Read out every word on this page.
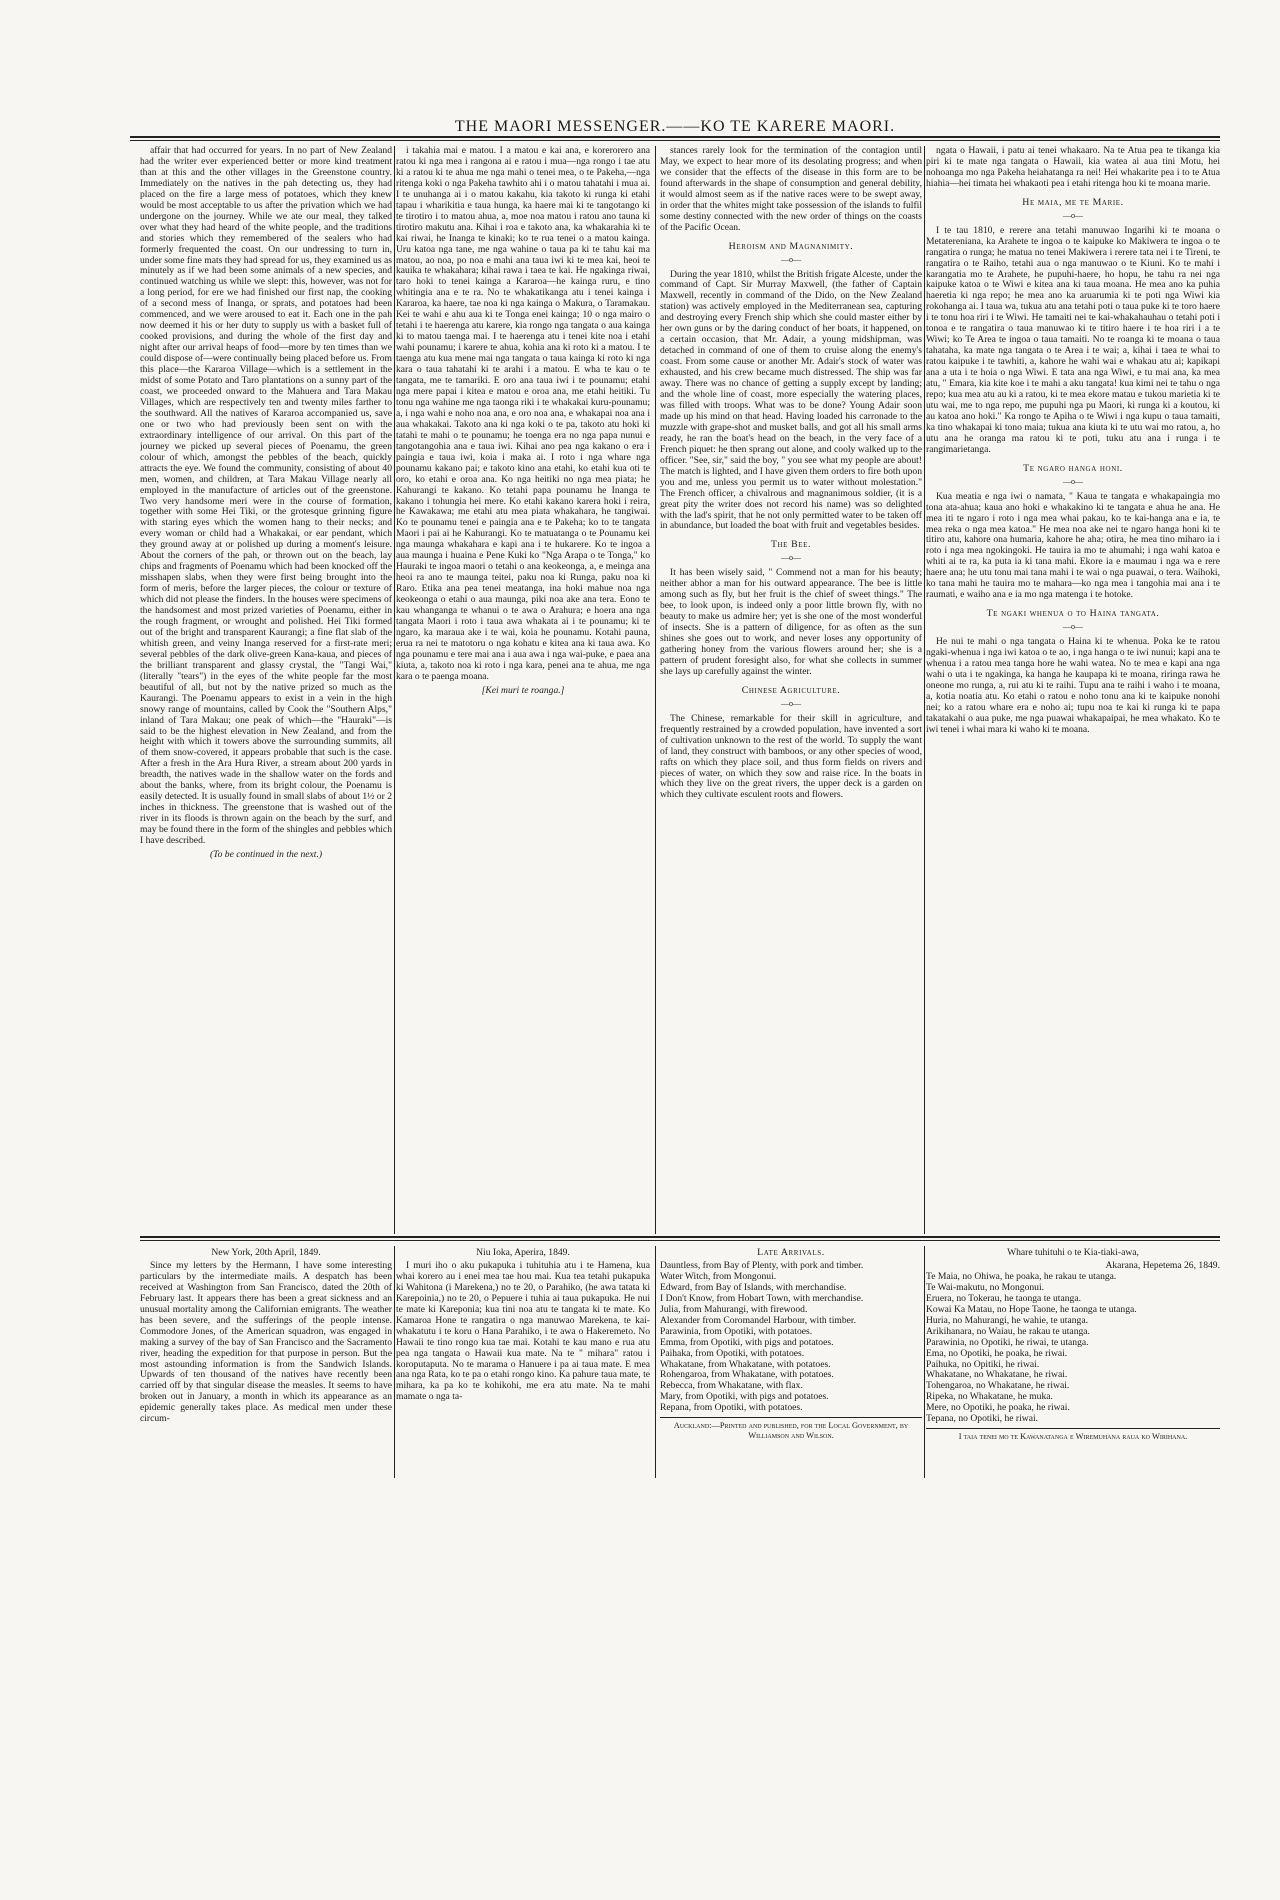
THE MAORI MESSENGER.——KO TE KARERE MAORI.

affair that had occurred for years. In no part of New Zealand had the writer ever experienced better or more kind treatment than at this and the other villages in the Greenstone country. Immediately on the natives in the pah detecting us, they had placed on the fire a large mess of potatoes, which they knew would be most acceptable to us after the privation which we had undergone on the journey. While we ate our meal, they talked over what they had heard of the white people, and the traditions and stories which they remembered of the sealers who had formerly frequented the coast. On our undressing to turn in, under some fine mats they had spread for us, they examined us as minutely as if we had been some animals of a new species, and continued watching us while we slept: this, however, was not for a long period, for ere we had finished our first nap, the cooking of a second mess of Inanga, or sprats, and potatoes had been commenced, and we were aroused to eat it. Each one in the pah now deemed it his or her duty to supply us with a basket full of cooked provisions, and during the whole of the first day and night after our arrival heaps of food—more by ten times than we could dispose of—were continually being placed before us. From this place—the Kararoa Village—which is a settlement in the midst of some Potato and Taro plantations on a sunny part of the coast, we proceeded onward to the Mahuera and Tara Makau Villages, which are respectively ten and twenty miles farther to the southward. All the natives of Kararoa accompanied us, save one or two who had previously been sent on with the extraordinary intelligence of our arrival. On this part of the journey we picked up several pieces of Poenamu, the green colour of which, amongst the pebbles of the beach, quickly attracts the eye. We found the community, consisting of about 40 men, women, and children, at Tara Makau Village nearly all employed in the manufacture of articles out of the greenstone. Two very handsome meri were in the course of formation, together with some Hei Tiki, or the grotesque grinning figure with staring eyes which the women hang to their necks; and every woman or child had a Whakakai, or ear pendant, which they ground away at or polished up during a moment's leisure. About the corners of the pah, or thrown out on the beach, lay chips and fragments of Poenamu which had been knocked off the misshapen slabs, when they were first being brought into the form of meris, before the larger pieces, the colour or texture of which did not please the finders. In the houses were specimens of the handsomest and most prized varieties of Poenamu, either in the rough fragment, or wrought and polished. Hei Tiki formed out of the bright and transparent Kaurangi; a fine flat slab of the whitish green, and veiny Inanga reserved for a first-rate meri; several pebbles of the dark olive-green Kana-kaua, and pieces of the brilliant transparent and glassy crystal, the "Tangi Wai," (literally "tears") in the eyes of the white people far the most beautiful of all, but not by the native prized so much as the Kaurangi. The Poenamu appears to exist in a vein in the high snowy range of mountains, called by Cook the "Southern Alps," inland of Tara Makau; one peak of which—the "Hauraki"—is said to be the highest elevation in New Zealand, and from the height with which it towers above the surrounding summits, all of them snow-covered, it appears probable that such is the case. After a fresh in the Ara Hura River, a stream about 200 yards in breadth, the natives wade in the shallow water on the fords and about the banks, where, from its bright colour, the Poenamu is easily detected. It is usually found in small slabs of about 1½ or 2 inches in thickness. The greenstone that is washed out of the river in its floods is thrown again on the beach by the surf, and may be found there in the form of the shingles and pebbles which I have described.

(To be continued in the next.)

i takahia mai e matou. I a matou e kai ana, e korerorero ana ratou ki nga mea i rangona ai e ratou i mua—nga rongo i tae atu ki a ratou ki te ahua me nga mahi o tenei mea, o te Pakeha,—nga ritenga koki o nga Pakeha tawhito ahi i o matou tahatahi i mua ai. I te unuhanga ai i o matou kakahu, kia takoto ki runga ki etahi tapau i wharikitia e taua hunga, ka haere mai ki te tangotango ki te tirotiro i to matou ahua, a, moe noa matou i ratou ano tauna ki tirotiro makutu ana. Kihai i roa e takoto ana, ka whakarahia ki te kai riwai, he Inanga te kinaki; ko te rua tenei o a matou kainga. Uru katoa nga tane, me nga wahine o taua pa ki te tahu kai ma matou, ao noa, po noa e mahi ana taua iwi ki te mea kai, heoi te kauika te whakahara; kihai rawa i taea te kai. He ngakinga riwai, taro hoki to tenei kainga a Kararoa—he kainga ruru, e tino whitingia ana e te ra. No te whakatikanga atu i tenei kainga i Kararoa, ka haere, tae noa ki nga kainga o Makura, o Taramakau. Kei te wahi e ahu aua ki te Tonga enei kainga; 10 o nga mairo o tetahi i te haerenga atu karere, kia rongo nga tangata o aua kainga ki to matou taenga mai. I te haerenga atu i tenei kite noa i etahi wahi pounamu; i karere te ahua, kohia ana ki roto ki a matou. I te taenga atu kua mene mai nga tangata o taua kainga ki roto ki nga kara o taua tahatahi ki te arahi i a matou. E wha te kau o te tangata, me te tamariki. E oro ana taua iwi i te pounamu; etahi nga mere papai i kitea e matou e oroa ana, me etahi heitiki. Tu tonu nga wahine me nga taonga riki i te whakakai kuru-pounamu; a, i nga wahi e noho noa ana, e oro noa ana, e whakapai noa ana i aua whakakai. Takoto ana ki nga koki o te pa, takoto atu hoki ki tatahi te mahi o te pounamu; he toenga era no nga papa nunui e tangotangohia ana e taua iwi. Kihai ano pea nga kakano o era i paingia e taua iwi, koia i maka ai. I roto i nga whare nga pounamu kakano pai; e takoto kino ana etahi, ko etahi kua oti te oro, ko etahi e oroa ana. Ko nga heitiki no nga mea piata; he Kahurangi te kakano. Ko tetahi papa pounamu he Inanga te kakano i tohungia hei mere. Ko etahi kakano karera hoki i reira, he Kawakawa; me etahi atu mea piata whakahara, he tangiwai. Ko te pounamu tenei e paingia ana e te Pakeha; ko to te tangata Maori i pai ai he Kahurangi. Ko te matuatanga o te Pounamu kei nga maunga whakahara e kapi ana i te hukarere. Ko te ingoa a aua maunga i huaina e Pene Kuki ko "Nga Arapa o te Tonga," ko Hauraki te ingoa maori o tetahi o ana keokeonga, a, e meinga ana heoi ra ano te maunga teitei, paku noa ki Runga, paku noa ki Raro. Etika ana pea tenei meatanga, ina hoki mahue noa nga keokeonga o etahi o aua maunga, piki noa ake ana tera. Eono te kau whanganga te whanui o te awa o Arahura; e hoera ana nga tangata Maori i roto i taua awa whakata ai i te pounamu; ki te ngaro, ka maraua ake i te wai, koia he pounamu. Kotahi pauna, erua ra nei te matotoru o nga kohatu e kitea ana ki taua awa. Ko nga pounamu e tere mai ana i aua awa i nga wai-puke, e paea ana kiuta, a, takoto noa ki roto i nga kara, penei ana te ahua, me nga kara o te paenga moana.

[Kei muri te roanga.]

stances rarely look for the termination of the contagion until May, we expect to hear more of its desolating progress; and when we consider that the effects of the disease in this form are to be found afterwards in the shape of consumption and general debility, it would almost seem as if the native races were to be swept away, in order that the whites might take possession of the islands to fulfil some destiny connected with the new order of things on the coasts of the Pacific Ocean.

Heroism and Magnanimity.
—o—

During the year 1810, whilst the British frigate Alceste, under the command of Capt. Sir Murray Maxwell, (the father of Captain Maxwell, recently in command of the Dido, on the New Zealand station) was actively employed in the Mediterranean sea, capturing and destroying every French ship which she could master either by her own guns or by the daring conduct of her boats, it happened, on a certain occasion, that Mr. Adair, a young midshipman, was detached in command of one of them to cruise along the enemy's coast. From some cause or another Mr. Adair's stock of water was exhausted, and his crew became much distressed. The ship was far away. There was no chance of getting a supply except by landing; and the whole line of coast, more especially the watering places, was filled with troops. What was to be done? Young Adair soon made up his mind on that head. Having loaded his carronade to the muzzle with grape-shot and musket balls, and got all his small arms ready, he ran the boat's head on the beach, in the very face of a French piquet: he then sprang out alone, and cooly walked up to the officer. "See, sir," said the boy, " you see what my people are about! The match is lighted, and I have given them orders to fire both upon you and me, unless you permit us to water without molestation." The French officer, a chivalrous and magnanimous soldier, (it is a great pity the writer does not record his name) was so delighted with the lad's spirit, that he not only permitted water to be taken off in abundance, but loaded the boat with fruit and vegetables besides.

The Bee.
—o—

It has been wisely said, " Commend not a man for his beauty; neither abhor a man for his outward appearance. The bee is little among such as fly, but her fruit is the chief of sweet things." The bee, to look upon, is indeed only a poor little brown fly, with no beauty to make us admire her; yet is she one of the most wonderful of insects. She is a pattern of diligence, for as often as the sun shines she goes out to work, and never loses any opportunity of gathering honey from the various flowers around her; she is a pattern of prudent foresight also, for what she collects in summer she lays up carefully against the winter.

Chinese Agriculture.
—o—

The Chinese, remarkable for their skill in agriculture, and frequently restrained by a crowded population, have invented a sort of cultivation unknown to the rest of the world. To supply the want of land, they construct with bamboos, or any other species of wood, rafts on which they place soil, and thus form fields on rivers and pieces of water, on which they sow and raise rice. In the boats in which they live on the great rivers, the upper deck is a garden on which they cultivate esculent roots and flowers.

ngata o Hawaii, i patu ai tenei whakaaro. Na te Atua pea te tikanga kia piri ki te mate nga tangata o Hawaii, kia watea ai aua tini Motu, hei nohoanga mo nga Pakeha heiahatanga ra nei! Hei whakarite pea i to te Atua hiahia—hei timata hei whakaoti pea i etahi ritenga hou ki te moana marie.

He maia, me te Marie.
—o—

I te tau 1810, e rerere ana tetahi manuwao Ingarihi ki te moana o Metatereniana, ka Arahete te ingoa o te kaipuke ko Makiwera te ingoa o te rangatira o runga; he matua no tenei Makiwera i rerere tata nei i te Tireni, te rangatira o te Raiho, tetahi aua o nga manuwao o te Kiuni. Ko te mahi i karangatia mo te Arahete, he pupuhi-haere, ho hopu, he tahu ra nei nga kaipuke katoa o te Wiwi e kitea ana ki taua moana. He mea ano ka puhia haeretia ki nga repo; he mea ano ka aruarumia ki te poti nga Wiwi kia rokohanga ai. I taua wa, tukua atu ana tetahi poti o taua puke ki te toro haere i te tonu hoa riri i te Wiwi. He tamaiti nei te kai-whakahauhau o tetahi poti i tonoa e te rangatira o taua manuwao ki te titiro haere i te hoa riri i a te Wiwi; ko Te Area te ingoa o taua tamaiti. No te roanga ki te moana o taua tahataha, ka mate nga tangata o te Area i te wai; a, kihai i taea te whai to ratou kaipuke i te tawhiti, a, kahore he wahi wai e whakau atu ai; kapikapi ana a uta i te hoia o nga Wiwi. E tata ana nga Wiwi, e tu mai ana, ka mea atu, " Emara, kia kite koe i te mahi a aku tangata! kua kimi nei te tahu o nga repo; kua mea atu au ki a ratou, ki te mea ekore matau e tukou marietia ki te utu wai, me to nga repo, me pupuhi nga pu Maori, ki runga ki a koutou, ki au katoa ano hoki." Ka rongo te Apiha o te Wiwi i nga kupu o taua tamaiti, ka tino whakapai ki tono maia; tukua ana kiuta ki te utu wai mo ratou, a, ho utu ana he oranga ma ratou ki te poti, tuku atu ana i runga i te rangimarietanga.

Te ngaro hanga honi.
—o—

Kua meatia e nga iwi o namata, " Kaua te tangata e whakapaingia mo tona ata-ahua; kaua ano hoki e whakakino ki te tangata e ahua he ana. He mea iti te ngaro i roto i nga mea whai pakau, ko te kai-hanga ana e ia, te mea reka o nga mea katoa." He mea noa ake nei te ngaro hanga honi ki te titiro atu, kahore ona humaria, kahore he aha; otira, he mea tino miharo ia i roto i nga mea ngokingoki. He tauira ia mo te ahumahi; i nga wahi katoa e whiti ai te ra, ka puta ia ki tana mahi. Ekore ia e maumau i nga wa e rere haere ana; he utu tonu mai tana mahi i te wai o nga puawai, o tera. Waihoki, ko tana mahi he tauira mo te mahara—ko nga mea i tangohia mai ana i te raumati, e waiho ana e ia mo nga matenga i te hotoke.

Te ngaki whenua o to Haina tangata.
—o—

He nui te mahi o nga tangata o Haina ki te whenua. Poka ke te ratou ngaki-whenua i nga iwi katoa o te ao, i nga hanga o te iwi nunui; kapi ana te whenua i a ratou mea tanga hore he wahi watea. No te mea e kapi ana nga wahi o uta i te ngakinga, ka hanga he kaupapa ki te moana, riringa rawa he oneone mo runga, a, rui atu ki te raihi. Tupu ana te raihi i waho i te moana, a, kotia noatia atu. Ko etahi o ratou e noho tonu ana ki te kaipuke nonohi nei; ko a ratou whare era e noho ai; tupu noa te kai ki runga ki te papa takatakahi o aua puke, me nga puawai whakapaipai, he mea whakato. Ko te iwi tenei i whai mara ki waho ki te moana.

New York, 20th April, 1849.

Since my letters by the Hermann, I have some interesting particulars by the intermediate mails. A despatch has been received at Washington from San Francisco, dated the 20th of February last. It appears there has been a great sickness and an unusual mortality among the Californian emigrants. The weather has been severe, and the sufferings of the people intense. Commodore Jones, of the American squadron, was engaged in making a survey of the bay of San Francisco and the Sacramento river, heading the expedition for that purpose in person. But the most astounding information is from the Sandwich Islands. Upwards of ten thousand of the natives have recently been carried off by that singular disease the measles. It seems to have broken out in January, a month in which its appearance as an epidemic generally takes place. As medical men under these circum-

Niu Ioka, Aperira, 1849.

I muri iho o aku pukapuka i tuhituhia atu i te Hamena, kua whai korero au i enei mea tae hou mai. Kua tea tetahi pukapuka ki Wahitona (i Marekena,) no te 20, o Parahiko, (he awa tatata ki Karepoinia,) no te 20, o Pepuere i tuhia ai taua pukapuka. He nui te mate ki Kareponia; kua tini noa atu te tangata ki te mate. Ko Kamaroa Hone te rangatira o nga manuwao Marekena, te kai-whakatutu i te koru o Hana Parahiko, i te awa o Hakeremeto. No Hawaii te tino rongo kua tae mai. Kotahi te kau mano e rua atu pea nga tangata o Hawaii kua mate. Na te " mihara" ratou i koroputaputa. No te marama o Hanuere i pa ai taua mate. E mea ana nga Rata, ko te pa o etahi rongo kino. Ka pahure taua mate, te mihara, ka pa ko te kohikohi, me era atu mate. Na te mahi mamate o nga ta-

Late Arrivals.
Dauntless, from Bay of Plenty, with pork and timber.
Water Witch, from Mongonui.
Edward, from Bay of Islands, with merchandise.
I Don't Know, from Hobart Town, with merchandise.
Julia, from Mahurangi, with firewood.
Alexander from Coromandel Harbour, with timber.
Parawinia, from Opotiki, with potatoes.
Emma, from Opotiki, with pigs and potatoes.
Paihaka, from Opotiki, with potatoes.
Whakatane, from Whakatane, with potatoes.
Rohengaroa, from Whakatane, with potatoes.
Rebecca, from Whakatane, with flax.
Mary, from Opotiki, with pigs and potatoes.
Repana, from Opotiki, with potatoes.
Auckland:—Printed and published, for the Local Government, by Williamson and Wilson.
Whare tuhituhi o te Kia-tiaki-awa,
Akarana, Hepetema 26, 1849.
Te Maia, no Ohiwa, he poaka, he rakau te utanga.
Te Wai-makutu, no Mongonui.
Eruera, no Tokerau, he taonga te utanga.
Kowai Ka Matau, no Hope Taone, he taonga te utanga.
Huria, no Mahurangi, he wahie, te utanga.
Arikihanara, no Waiau, he rakau te utanga.
Parawinia, no Opotiki, he riwai, te utanga.
Ema, no Opotiki, he poaka, he riwai.
Paihuka, no Opitiki, he riwai.
Whakatane, no Whakatane, he riwai.
Tohengaroa, no Whakatane, he riwai.
Ripeka, no Whakatane, he muka.
Mere, no Opotiki, he poaka, he riwai.
Tepana, no Opotiki, he riwai.
I taia tenei mo te Kawanatanga e Wiremuhana raua ko Wirihana.
